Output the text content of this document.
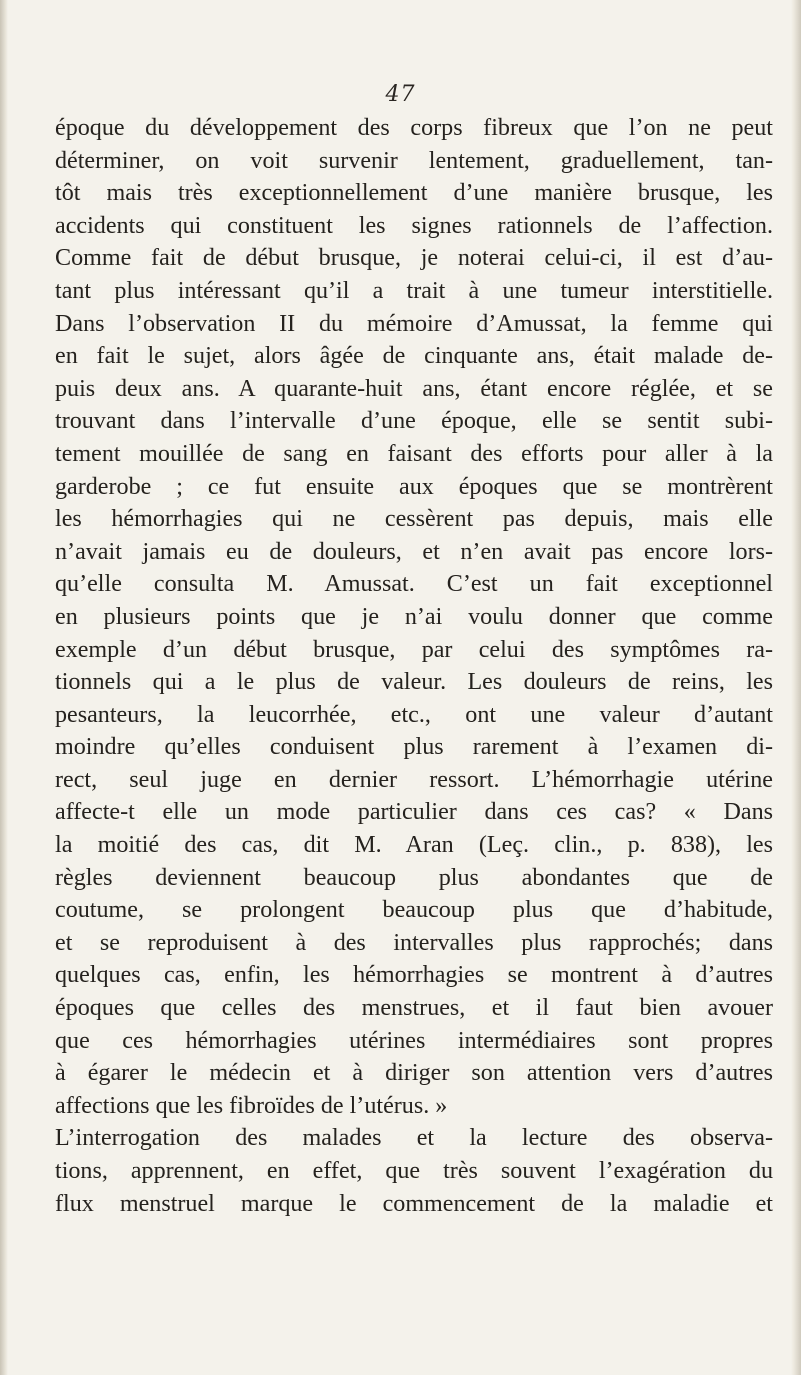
47
époque du développement des corps fibreux que l’on ne peut
déterminer, on voit survenir lentement, graduellement, tan-
tôt mais très exceptionnellement d’une manière brusque, les
accidents qui constituent les signes rationnels de l’affection.
Comme fait de début brusque, je noterai celui-ci, il est d’au-
tant plus intéressant qu’il a trait à une tumeur interstitielle.
Dans l’observation II du mémoire d’Amussat, la femme qui
en fait le sujet, alors âgée de cinquante ans, était malade de-
puis deux ans. A quarante-huit ans, étant encore réglée, et se
trouvant dans l’intervalle d’une époque, elle se sentit subi-
tement mouillée de sang en faisant des efforts pour aller à la
garderobe ; ce fut ensuite aux époques que se montrèrent
les hémorrhagies qui ne cessèrent pas depuis, mais elle
n’avait jamais eu de douleurs, et n’en avait pas encore lors-
qu’elle consulta M. Amussat. C’est un fait exceptionnel
en plusieurs points que je n’ai voulu donner que comme
exemple d’un début brusque, par celui des symptômes ra-
tionnels qui a le plus de valeur. Les douleurs de reins, les
pesanteurs, la leucorrhée, etc., ont une valeur d’autant
moindre qu’elles conduisent plus rarement à l’examen di-
rect, seul juge en dernier ressort. L’hémorrhagie utérine
affecte-t elle un mode particulier dans ces cas? « Dans
la moitié des cas, dit M. Aran (Leç. clin., p. 838), les
règles deviennent beaucoup plus abondantes que de
coutume, se prolongent beaucoup plus que d’habitude,
et se reproduisent à des intervalles plus rapprochés; dans
quelques cas, enfin, les hémorrhagies se montrent à d’autres
époques que celles des menstrues, et il faut bien avouer
que ces hémorrhagies utérines intermédiaires sont propres
à égarer le médecin et à diriger son attention vers d’autres
affections que les fibroïdes de l’utérus. »
L’interrogation des malades et la lecture des observa-
tions, apprennent, en effet, que très souvent l’exagération du
flux menstruel marque le commencement de la maladie et
